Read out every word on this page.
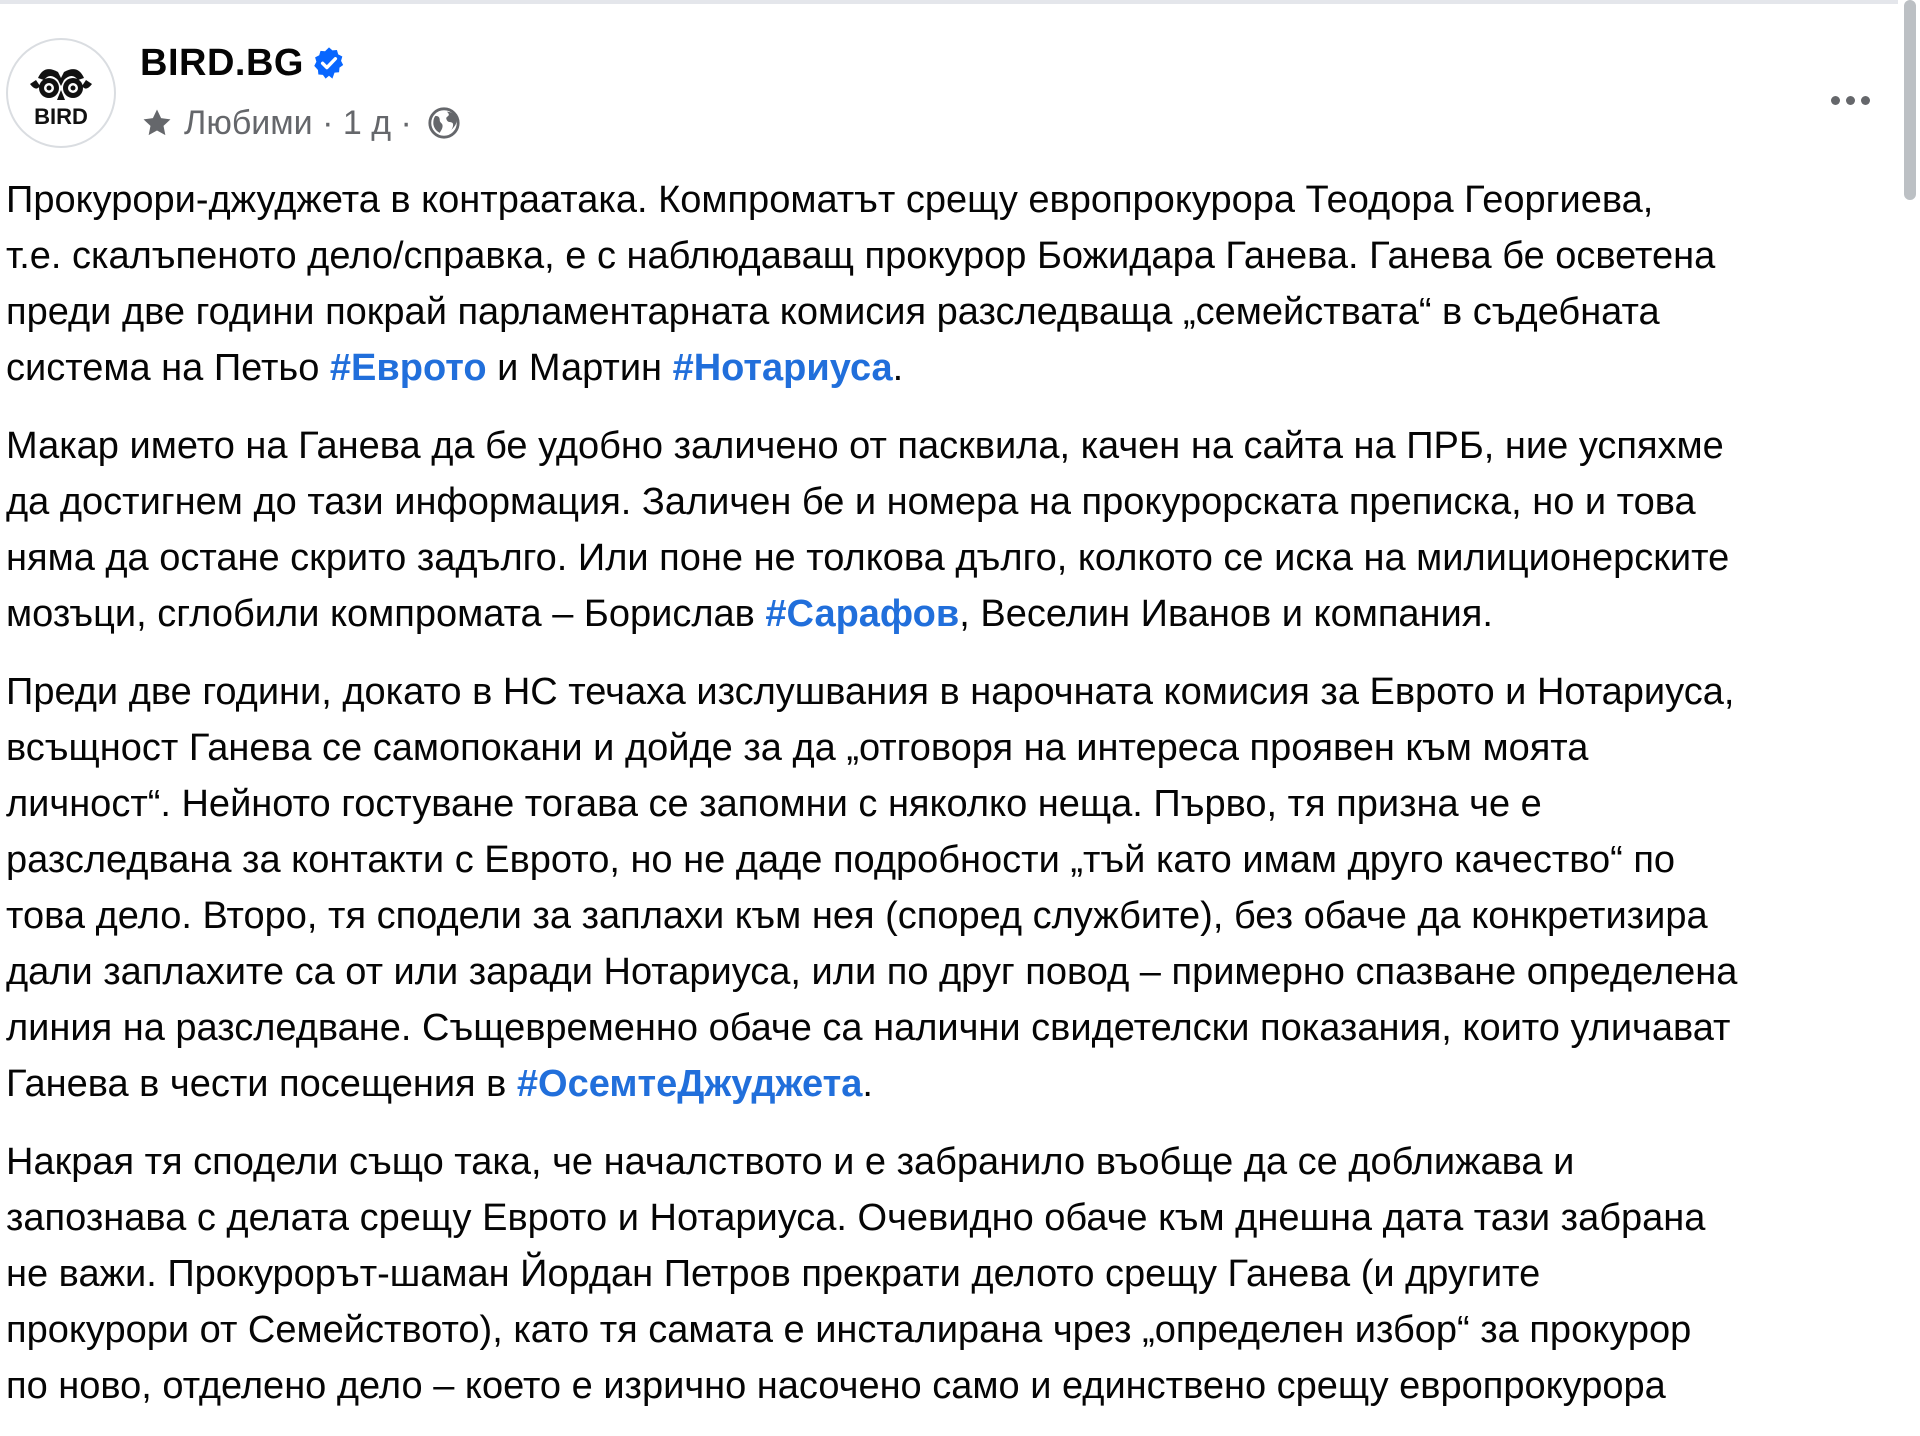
BIRD
BIRD.BG
Любими · 1 д ·
Прокурори-джуджета в контраатака. Компроматът срещу европрокурора Теодора Георгиева,
т.е. скалъпеното дело/справка, е с наблюдаващ прокурор Божидара Ганева. Ганева бе осветена
преди две години покрай парламентарната комисия разследваща „семействата“ в съдебната
система на Петьо #Еврото и Мартин #Нотариуса.
Макар името на Ганева да бе удобно заличено от пасквила, качен на сайта на ПРБ, ние успяхме
да достигнем до тази информация. Заличен бе и номера на прокурорската преписка, но и това
няма да остане скрито задълго. Или поне не толкова дълго, колкото се иска на милиционерските
мозъци, сглобили компромата – Борислав #Сарафов, Веселин Иванов и компания.
Преди две години, докато в НС течаха изслушвания в нарочната комисия за Еврото и Нотариуса,
всъщност Ганева се самопокани и дойде за да „отговоря на интереса проявен към моята
личност“. Нейното гостуване тогава се запомни с няколко неща. Първо, тя призна че е
разследвана за контакти с Еврото, но не даде подробности „тъй като имам друго качество“ по
това дело. Второ, тя сподели за заплахи към нея (според службите), без обаче да конкретизира
дали заплахите са от или заради Нотариуса, или по друг повод – примерно спазване определена
линия на разследване. Същевременно обаче са налични свидетелски показания, които уличават
Ганева в чести посещения в #ОсемтеДжуджета.
Накрая тя сподели също така, че началството и е забранило въобще да се доближава и
запознава с делата срещу Еврото и Нотариуса. Очевидно обаче към днешна дата тази забрана
не важи. Прокурорът-шаман Йордан Петров прекрати делото срещу Ганева (и другите
прокурори от Семейството), като тя самата е инсталирана чрез „определен избор“ за прокурор
по ново, отделено дело – което е изрично насочено само и единствено срещу европрокурора
